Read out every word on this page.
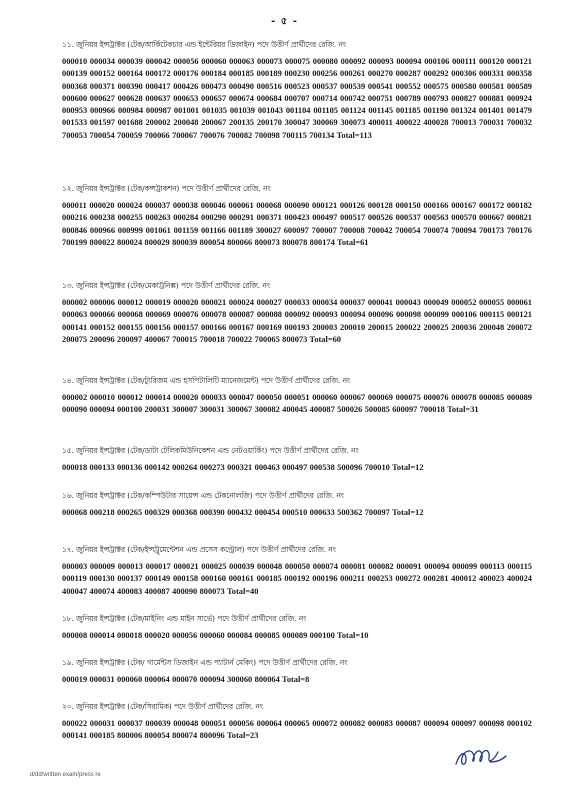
- ৫ -
১১. জুনিয়র ইন্সট্রাক্টর (টেক/আর্কিটেকচার এন্ড ইন্টেরিয়র ডিজাইন) পদে উত্তীর্ণ প্রার্থীদের রেজি. নং
000010 000034 000039 000042 000056 000060 000063 000073 000075 000080 000092 000093 000094 000106 000111 000120 000121 000139 000152 000164 000172 000176 000184 000185 000189 000230 000256 000261 000270 000287 000292 000306 000331 000358 000368 000371 000390 000417 000426 000473 000490 000516 000523 000537 000539 000541 000552 000575 000580 000581 000589 000600 000627 000628 000637 000653 000657 000674 000684 000707 000714 000742 000751 000789 000793 000827 000881 000924 000953 000966 000984 000987 001001 001035 001039 001043 001104 001105 001124 001145 001185 001190 001324 001401 001479 001533 001597 001688 200002 200048 200067 200135 200170 300047 300069 300073 400011 400022 400028 700013 700031 700032 700053 700054 700059 700066 700067 700076 700082 700098 700115 700134 Total=113
১২. জুনিয়র ইন্সট্রাক্টর (টেক/কন্সট্রাকশন) পদে উত্তীর্ণ প্রার্থীদের রেজি. নং
000011 000020 000024 000037 000038 000046 000061 000068 000090 000121 000126 000128 000150 000166 000167 000172 000182 000216 000238 000255 000263 000284 000290 000291 000371 000423 000497 000517 000526 000537 000563 000570 000667 000821 000846 000966 000999 001061 001159 001166 001189 300027 600097 700007 700008 700042 700054 700074 700094 700173 700176 700199 800022 800024 800029 800039 800054 800066 800073 800078 800174 Total=61
১৩. জুনিয়র ইন্সট্রাক্টর (টেক/মেকাট্রনিক্স) পদে উত্তীর্ণ প্রার্থীদের রেজি. নং
000002 000006 000012 000019 000020 000021 000024 000027 000033 000034 000037 000041 000043 000049 000052 000055 000061 000063 000066 000068 000069 000076 000078 000087 000088 000092 000093 000094 000096 000098 000099 000106 000115 000121 000141 000152 000155 000156 000157 000166 000167 000169 000193 200003 200010 200015 200022 200025 200036 200048 200072 200075 200096 200097 400067 700015 700018 700022 700065 800073 Total=60
১৪. জুনিয়র ইন্সট্রাক্টর (টেক/ট্যুরিজম এন্ড হসপিটালিটি ম্যানেজমেন্ট) পদে উত্তীর্ণ প্রার্থীদের রেজি. নং
000002 000010 000012 000014 000020 000033 000047 000050 000051 000060 000067 000069 000075 000076 000078 000085 000089 000090 000094 000100 200031 300007 300031 300067 300082 400045 400087 500026 500085 600097 700018 Total=31
১৫. জুনিয়র ইন্সট্রাক্টর (টেক/ডাটা টেলিকমিউনিকেশন এন্ড নেটওয়ার্কিং) পদে উত্তীর্ণ প্রার্থীদের রেজি. নং
000018 000133 000136 000142 000264 000273 000321 000463 000497 000538 500096 700010 Total=12
১৬. জুনিয়র ইন্সট্রাক্টর (টেক/কম্পিউটার সায়েন্স এন্ড টেকনোলজি) পদে উত্তীর্ণ প্রার্থীদের রেজি. নং
000068 000218 000265 000329 000368 000390 000432 000454 000510 000633 500362 700097 Total=12
১৭. জুনিয়র ইন্সট্রাক্টর (টেক/ইন্সট্রুমেন্টেশন এন্ড প্রসেস কন্ট্রোল) পদে উত্তীর্ণ প্রার্থীদের রেজি. নং
000003 000009 000013 000017 000021 000025 000039 000048 000050 000074 000081 000082 000091 000094 000099 000113 000115 000119 000130 000137 000149 000158 000160 000161 000185 000192 000196 000211 000253 000272 000281 400012 400023 400024 400047 400074 400083 400087 400090 800073 Total=40
১৮. জুনিয়র ইন্সট্রাক্টর (টেক/মাইনিং এন্ড মাইন সার্ভে) পদে উত্তীর্ণ প্রার্থীদের রেজি. নং
000008 000014 000018 000020 000056 000060 000084 000085 000089 000100 Total=10
১৯. জুনিয়র ইন্সট্রাক্টর (টেক/ গার্মেন্টস ডিজাইন এন্ড প্যাটার্ন মেকিং) পদে উত্তীর্ণ প্রার্থীদের রেজি. নং
000019 000031 000060 000064 000070 000094 300060 800064 Total=8
২০. জুনিয়র ইন্সট্রাক্টর (টেক/সিরামিক) পদে উত্তীর্ণ প্রার্থীদের রেজি. নং
000022 000031 000037 000039 000048 000051 000056 000064 000065 000072 000082 000083 000087 000094 000097 000098 000102 000141 000185 800006 800054 800074 800096 Total=23
d/dd/written exam/press re
